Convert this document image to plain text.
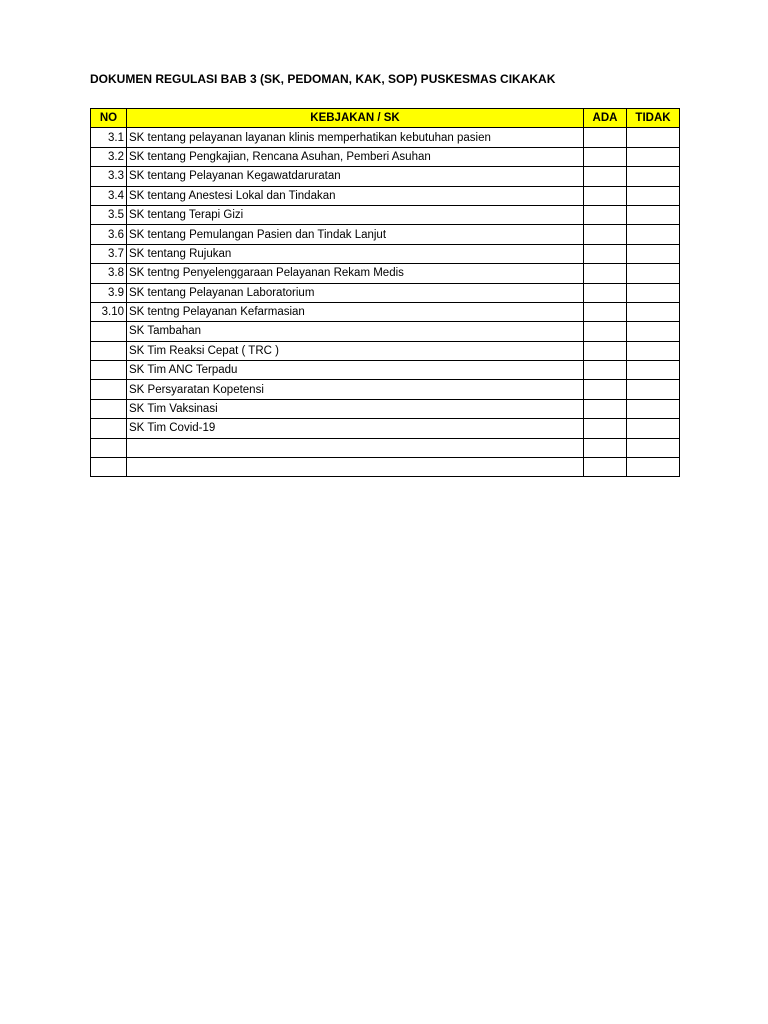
DOKUMEN REGULASI BAB 3 (SK, PEDOMAN, KAK, SOP) PUSKESMAS CIKAKAK
NO	KEBJAKAN / SK	ADA	TIDAK
3.1	SK tentang pelayanan layanan klinis memperhatikan kebutuhan pasien		
3.2	SK tentang Pengkajian, Rencana Asuhan, Pemberi Asuhan		
3.3	SK tentang Pelayanan Kegawatdaruratan		
3.4	SK tentang Anestesi Lokal dan Tindakan		
3.5	SK tentang Terapi Gizi		
3.6	SK tentang Pemulangan Pasien dan Tindak Lanjut		
3.7	SK tentang Rujukan		
3.8	SK tentng Penyelenggaraan Pelayanan Rekam Medis		
3.9	SK tentang Pelayanan Laboratorium		
3.10	SK tentng Pelayanan Kefarmasian		
	SK Tambahan		
	SK Tim Reaksi Cepat ( TRC )		
	SK Tim ANC Terpadu		
	SK Persyaratan Kopetensi		
	SK Tim Vaksinasi		
	SK Tim Covid-19		
